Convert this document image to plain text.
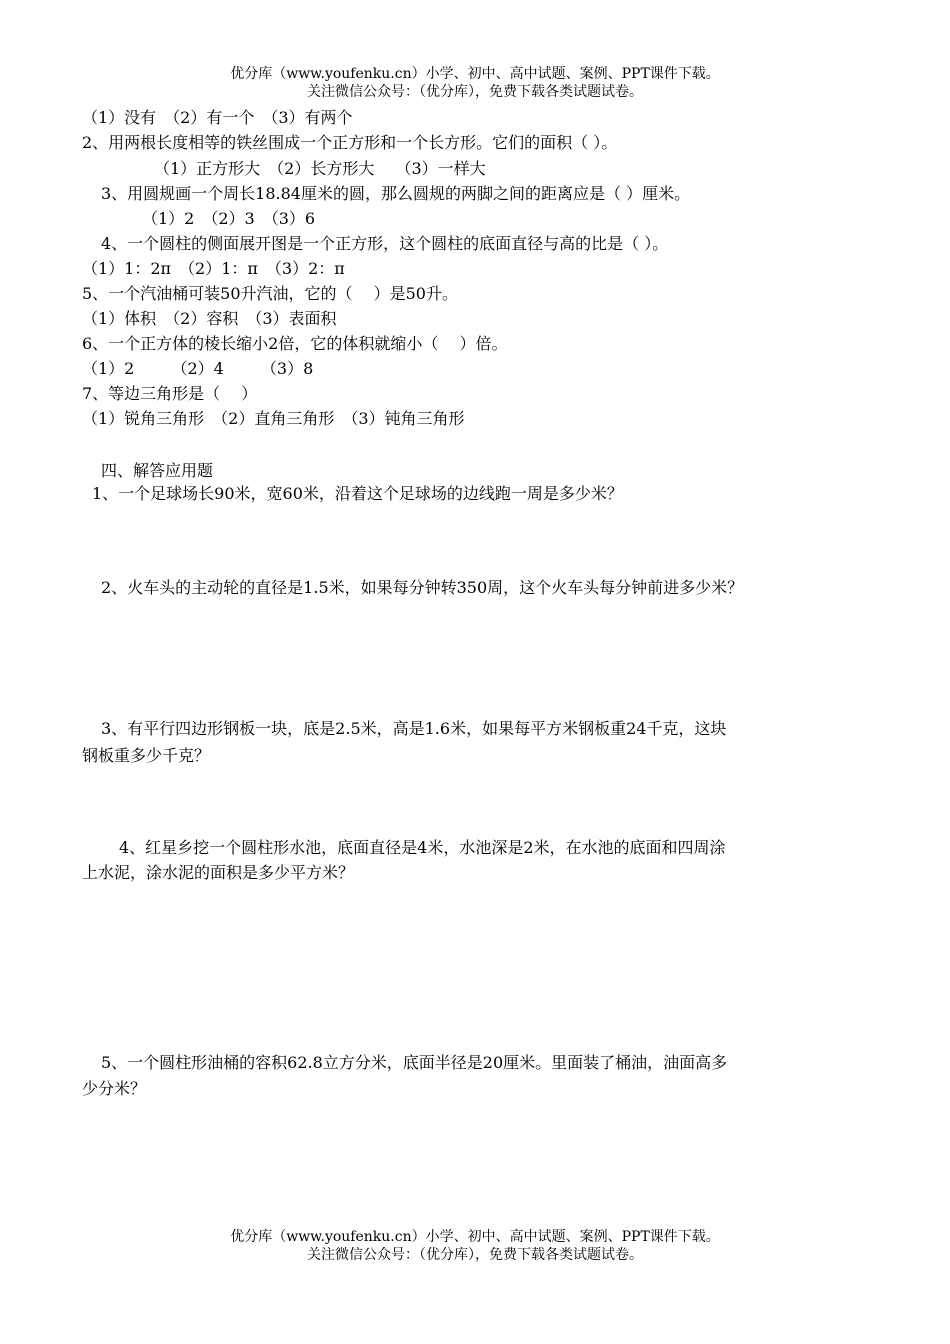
优分库（www.youfenku.cn）小学、初中、高中试题、案例、PPT课件下载。
关注微信公众号：（优分库），免费下载各类试题试卷。
（1）没有　（2）有一个　（3）有两个
2、用两根长度相等的铁丝围成一个正方形和一个长方形。它们的面积（ ）。
（1）正方形大　（2）长方形大　 （3）一样大
3、用圆规画一个周长18.84厘米的圆，那么圆规的两脚之间的距离应是（ ）厘米。
（1）2　（2）3　（3）6
4、一个圆柱的侧面展开图是一个正方形，这个圆柱的底面直径与高的比是（ ）。
（1）1：2π　（2）1：π　（3）2：π
5、一个汽油桶可装50升汽油，它的（　 ）是50升。
（1）体积　（2）容积　（3）表面积
6、一个正方体的棱长缩小2倍，它的体积就缩小（　 ）倍。
（1）2　　 （2）4　　 （3）8
7、等边三角形是（　 ）
（1）锐角三角形　（2）直角三角形　（3）钝角三角形
四、解答应用题
1、一个足球场长90米，宽60米，沿着这个足球场的边线跑一周是多少米？
2、火车头的主动轮的直径是1.5米，如果每分钟转350周，这个火车头每分钟前进多少米？
3、有平行四边形钢板一块，底是2.5米，高是1.6米，如果每平方米钢板重24千克，这块
钢板重多少千克？
4、红星乡挖一个圆柱形水池，底面直径是4米，水池深是2米，在水池的底面和四周涂
上水泥，涂水泥的面积是多少平方米？
5、一个圆柱形油桶的容积62.8立方分米，底面半径是20厘米。里面装了桶油，油面高多
少分米？
优分库（www.youfenku.cn）小学、初中、高中试题、案例、PPT课件下载。
关注微信公众号：（优分库），免费下载各类试题试卷。
